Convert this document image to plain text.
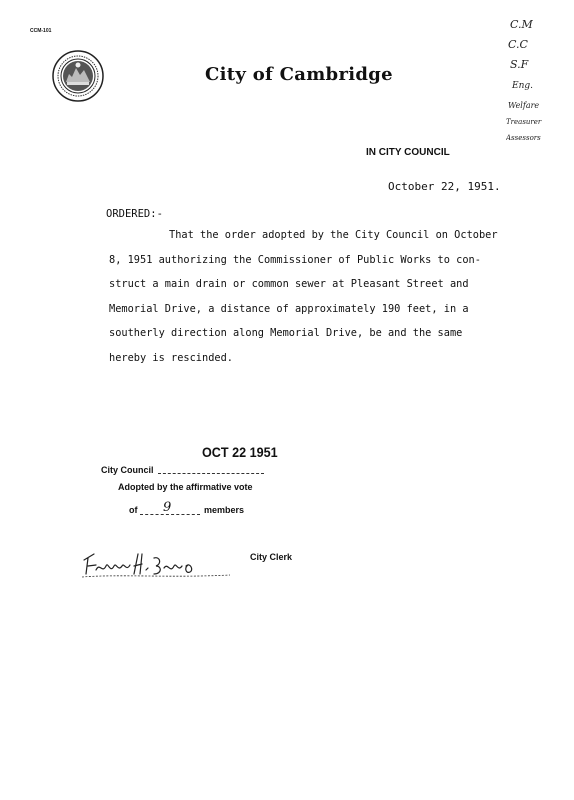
CCM-101
City of Cambridge
IN CITY COUNCIL
October 22, 1951.
ORDERED:-
That the order adopted by the City Council on October
8, 1951 authorizing the Commissioner of Public Works to con-
struct a main drain or common sewer at Pleasant Street and
Memorial Drive, a distance of approximately 190 feet, in a
southerly direction along Memorial Drive, be and the same
hereby is rescinded.
OCT 22 1951
City Council
Adopted by the affirmative vote
of 9	members
City Clerk
C.M
C.C
S.F
Eng.
Welfare
Treasurer
Assessors
